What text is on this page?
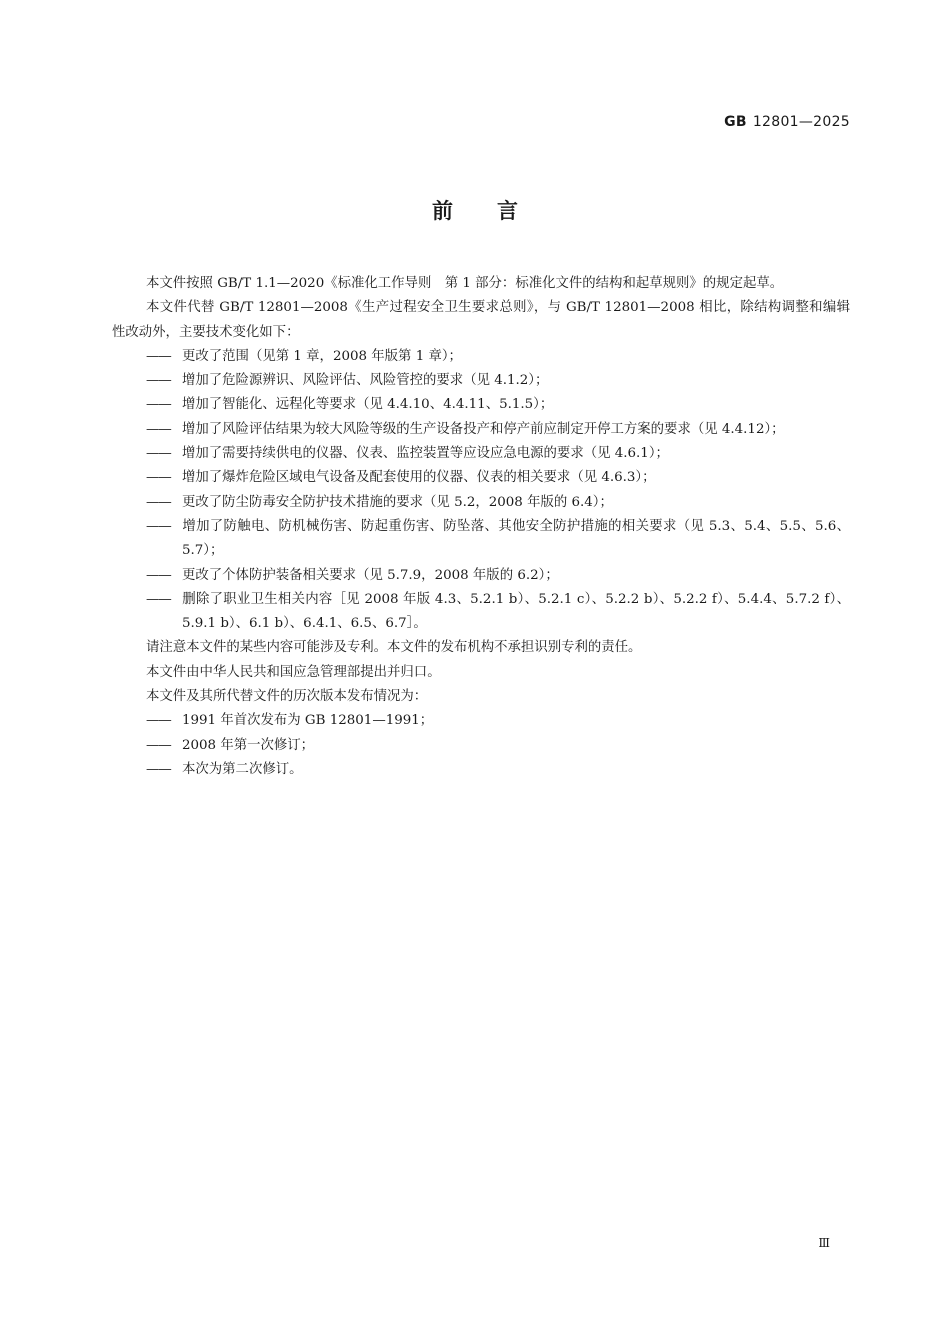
GB 12801—2025
前言

本文件按照 GB/T 1.1—2020《标准化工作导则　第 1 部分：标准化文件的结构和起草规则》的规定起草。

本文件代替 GB/T 12801—2008《生产过程安全卫生要求总则》，与 GB/T 12801—2008 相比，除结构调整和编辑性改动外，主要技术变化如下：

—— 更改了范围（见第 1 章，2008 年版第 1 章）；

—— 增加了危险源辨识、风险评估、风险管控的要求（见 4.1.2）；

—— 增加了智能化、远程化等要求（见 4.4.10、4.4.11、5.1.5）；

—— 增加了风险评估结果为较大风险等级的生产设备投产和停产前应制定开停工方案的要求（见 4.4.12）；

—— 增加了需要持续供电的仪器、仪表、监控装置等应设应急电源的要求（见 4.6.1）；

—— 增加了爆炸危险区域电气设备及配套使用的仪器、仪表的相关要求（见 4.6.3）；

—— 更改了防尘防毒安全防护技术措施的要求（见 5.2，2008 年版的 6.4）；

—— 增加了防触电、防机械伤害、防起重伤害、防坠落、其他安全防护措施的相关要求（见 5.3、5.4、5.5、5.6、5.7）；

—— 更改了个体防护装备相关要求（见 5.7.9，2008 年版的 6.2）；

—— 删除了职业卫生相关内容［见 2008 年版 4.3、5.2.1 b）、5.2.1 c）、5.2.2 b）、5.2.2 f）、5.4.4、5.7.2 f）、5.9.1 b）、6.1 b）、6.4.1、6.5、6.7］。

请注意本文件的某些内容可能涉及专利。本文件的发布机构不承担识别专利的责任。

本文件由中华人民共和国应急管理部提出并归口。

本文件及其所代替文件的历次版本发布情况为：

—— 1991 年首次发布为 GB 12801—1991；

—— 2008 年第一次修订；

—— 本次为第二次修订。

Ⅲ
